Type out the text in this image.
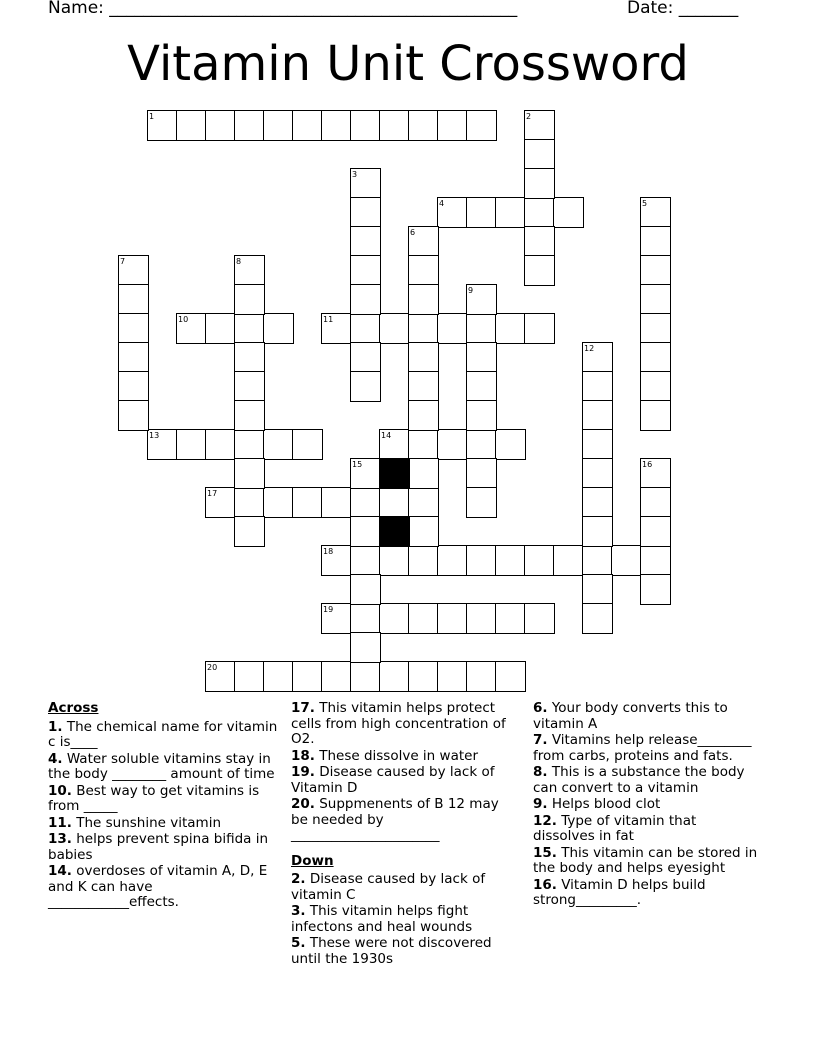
Name: ________________________________________________	Date: _______
Vitamin Unit Crossword
1
4
10	11
13	14
17
18
19
20
2
3
5
6
7	8
9
12
15	16
Across
1. The chemical name for vitamin c is____
4. Water soluble vitamins stay in the body ________ amount of time
10. Best way to get vitamins is from _____
11. The sunshine vitamin
13. helps prevent spina bifida in babies
14. overdoses of vitamin A, D, E and K can have ____________effects.
17. This vitamin helps protect cells from high concentration of O2.
18. These dissolve in water
19. Disease caused by lack of Vitamin D
20. Suppmenents of B 12 may be needed by ______________________
Down
2. Disease caused by lack of vitamin C
3. This vitamin helps fight infectons and heal wounds
5. These were not discovered until the 1930s
6. Your body converts this to vitamin A
7. Vitamins help release________ from carbs, proteins and fats.
8. This is a substance the body can convert to a vitamin
9. Helps blood clot
12. Type of vitamin that dissolves in fat
15. This vitamin can be stored in the body and helps eyesight
16. Vitamin D helps build strong_________.
